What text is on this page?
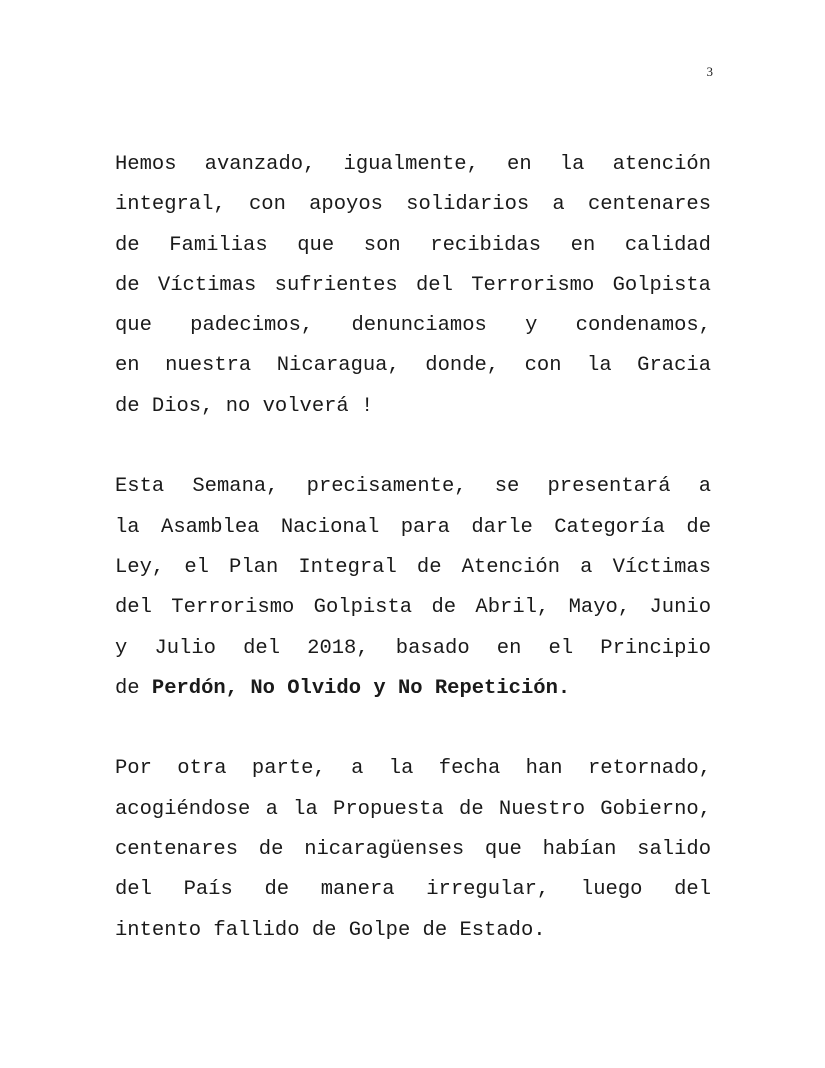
3

Hemos avanzado, igualmente, en la atención
integral, con apoyos solidarios a centenares
de Familias que son recibidas en calidad
de Víctimas sufrientes del Terrorismo Golpista
que padecimos, denunciamos y condenamos,
en nuestra Nicaragua, donde, con la Gracia
de Dios, no volverá !

Esta Semana, precisamente, se presentará a
la Asamblea Nacional para darle Categoría de
Ley, el Plan Integral de Atención a Víctimas
del Terrorismo Golpista de Abril, Mayo, Junio
y Julio del 2018, basado en el Principio
de Perdón, No Olvido y No Repetición.

Por otra parte, a la fecha han retornado,
acogiéndose a la Propuesta de Nuestro Gobierno,
centenares de nicaragüenses que habían salido
del País de manera irregular, luego del
intento fallido de Golpe de Estado.
